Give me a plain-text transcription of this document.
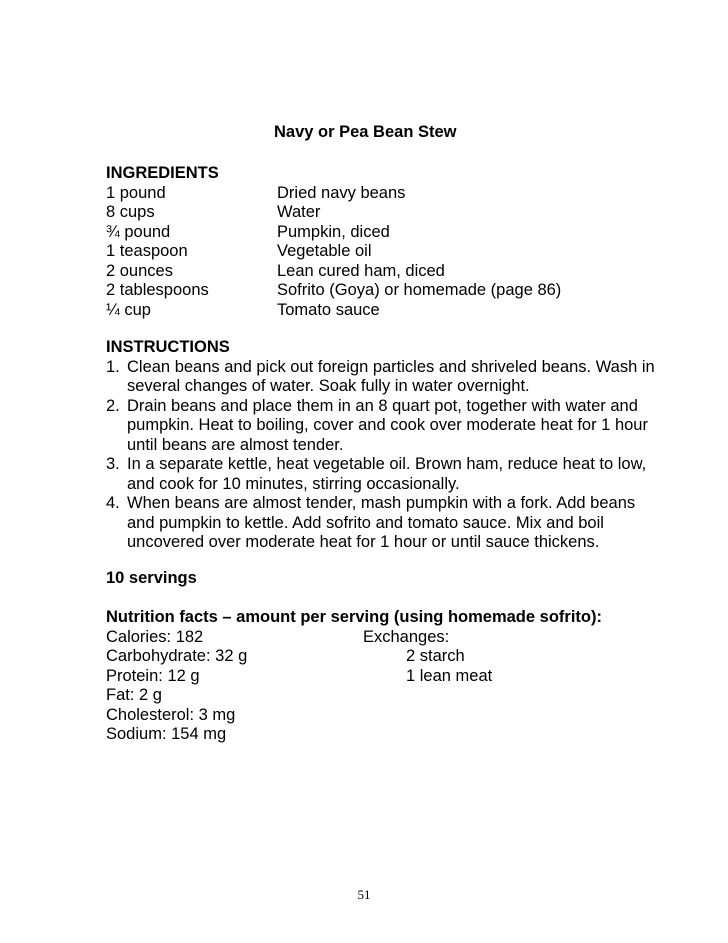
Navy or Pea Bean Stew
INGREDIENTS
1 pound	Dried navy beans
8 cups	Water
¾ pound	Pumpkin, diced
1 teaspoon	Vegetable oil
2 ounces	Lean cured ham, diced
2 tablespoons	Sofrito (Goya) or homemade (page 86)
¼ cup	Tomato sauce
INSTRUCTIONS
1. Clean beans and pick out foreign particles and shriveled beans. Wash in several changes of water. Soak fully in water overnight.
2. Drain beans and place them in an 8 quart pot, together with water and pumpkin. Heat to boiling, cover and cook over moderate heat for 1 hour until beans are almost tender.
3. In a separate kettle, heat vegetable oil. Brown ham, reduce heat to low, and cook for 10 minutes, stirring occasionally.
4. When beans are almost tender, mash pumpkin with a fork. Add beans and pumpkin to kettle. Add sofrito and tomato sauce. Mix and boil uncovered over moderate heat for 1 hour or until sauce thickens.
10 servings
Nutrition facts – amount per serving (using homemade sofrito):
Calories: 182	Exchanges:
Carbohydrate: 32 g	2 starch
Protein: 12 g	1 lean meat
Fat: 2 g
Cholesterol: 3 mg
Sodium: 154 mg
51
